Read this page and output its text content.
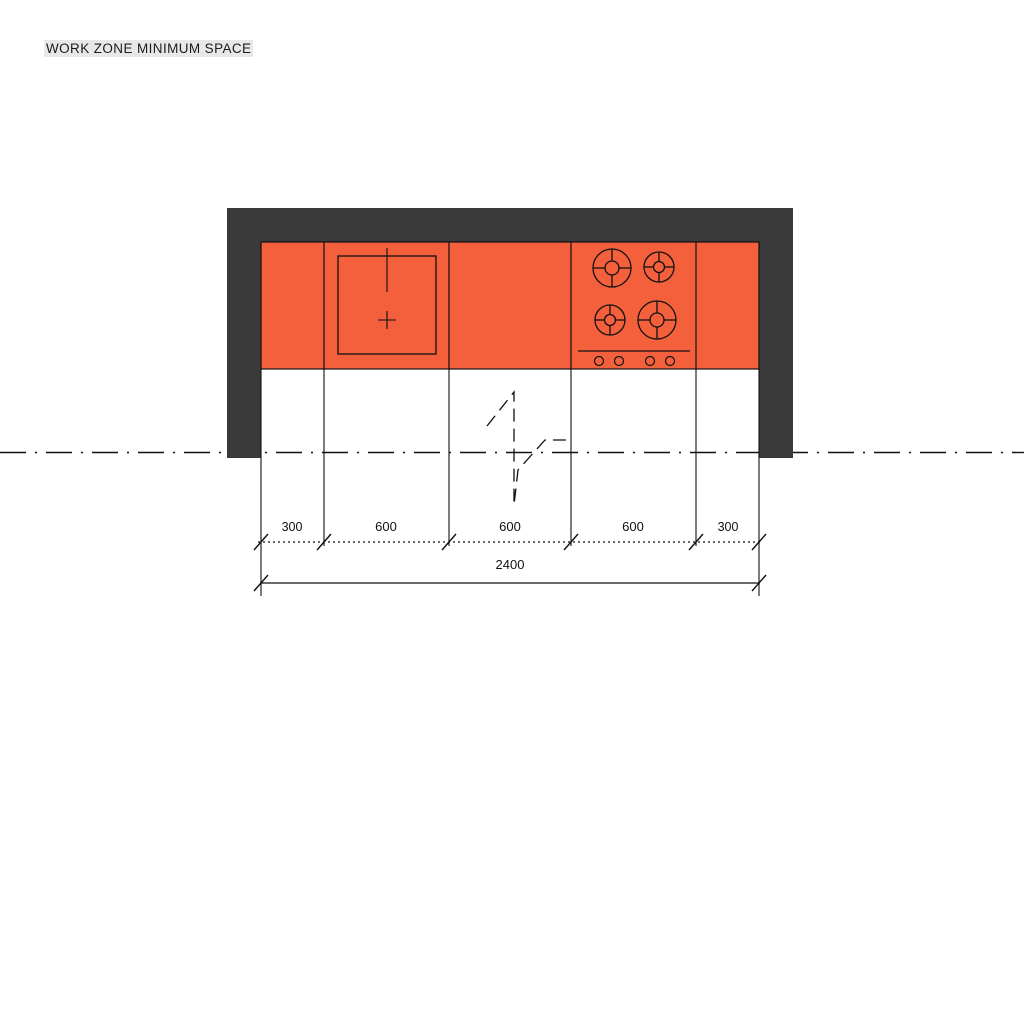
WORK ZONE MINIMUM SPACE
300	600	600	600	300
2400
